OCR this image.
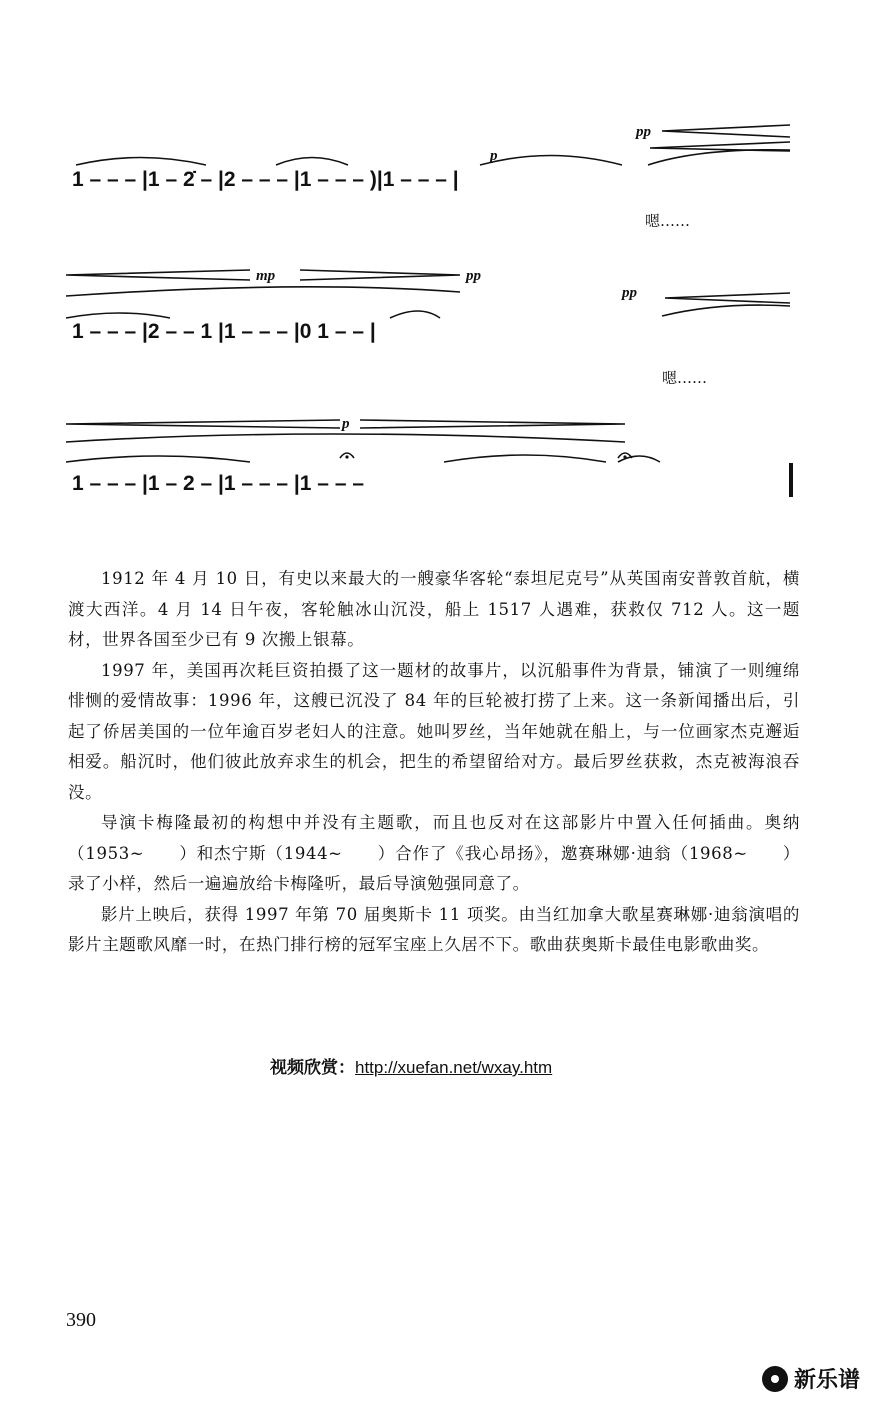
1 – – – |1 – 2̇ – |2 – – – |1 – – – )|1 – – – |
pp
p
嗯……
1 – – – |2 – – 1 |1 – – – |0 1 – – |
mp	pp
pp
嗯……
1 – – – |1 – 2 – |1 – – – |1 – – –
p

1912 年 4 月 10 日，有史以来最大的一艘豪华客轮“泰坦尼克号”从英国南安普敦首航，横渡大西洋。4 月 14 日午夜，客轮触冰山沉没，船上 1517 人遇难，获救仅 712 人。这一题材，世界各国至少已有 9 次搬上银幕。

1997 年，美国再次耗巨资拍摄了这一题材的故事片，以沉船事件为背景，铺演了一则缠绵悱恻的爱情故事：1996 年，这艘已沉没了 84 年的巨轮被打捞了上来。这一条新闻播出后，引起了侨居美国的一位年逾百岁老妇人的注意。她叫罗丝，当年她就在船上，与一位画家杰克邂逅相爱。船沉时，他们彼此放弃求生的机会，把生的希望留给对方。最后罗丝获救，杰克被海浪吞没。

导演卡梅隆最初的构想中并没有主题歌，而且也反对在这部影片中置入任何插曲。奥纳（1953~　　）和杰宁斯（1944~　　）合作了《我心昂扬》，邀赛琳娜·迪翁（1968~　　）录了小样，然后一遍遍放给卡梅隆听，最后导演勉强同意了。

影片上映后，获得 1997 年第 70 届奥斯卡 11 项奖。由当红加拿大歌星赛琳娜·迪翁演唱的影片主题歌风靡一时，在热门排行榜的冠军宝座上久居不下。歌曲获奥斯卡最佳电影歌曲奖。

视频欣赏：http://xuefan.net/wxay.htm
390
新乐谱
